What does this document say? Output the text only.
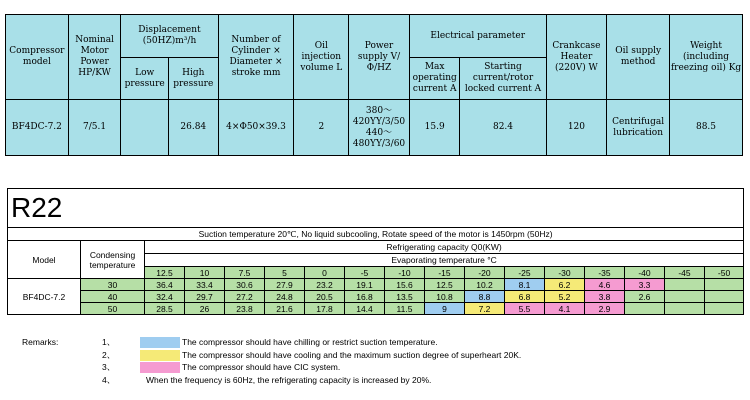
Compressor model	Nominal Motor Power HP/KW	Displacement (50HZ)m³/h		Number of Cylinder × Diameter × stroke mm	Oil injection volume L	Power supply V/Φ/HZ	Electrical parameter		Crankcase Heater (220V) W	Oil supply method	Weight (including freezing oil) Kg
		Low pressure	High pressure				Max operating current A	Starting current/rotor locked current A			
BF4DC-7.2	7/5.1		26.84	4×Φ50×39.3	2	380～420YY/3/50 440～480YY/3/60	15.9	82.4	120	Centrifugal lubrication	88.5
R22																
Suction temperature 20℃, No liquid subcooling, Rotate speed of the motor is 1450rpm (50Hz)																
Model	Condensing temperature	Refrigerating capacity Q0(KW)														
		Evaporating temperature °C														
		12.5	10	7.5	5	0	-5	-10	-15	-20	-25	-30	-35	-40	-45	-50
BF4DC-7.2	30	36.4	33.4	30.6	27.9	23.2	19.1	15.6	12.5	10.2	8.1	6.2	4.6	3.3		
	40	32.4	29.7	27.2	24.8	20.5	16.8	13.5	10.8	8.8	6.8	5.2	3.8	2.6		
	50	28.5	26	23.8	21.6	17.8	14.4	11.5	9	7.2	5.5	4.1	2.9			
Remarks:	1、	The compressor should have chilling or restrict suction temperature.
2、	The compressor should have cooling and the maximum suction degree of superheart 20K.
3、	The compressor should have CIC system.
4、	When the frequency is 60Hz, the refrigerating capacity is increased by 20%.
